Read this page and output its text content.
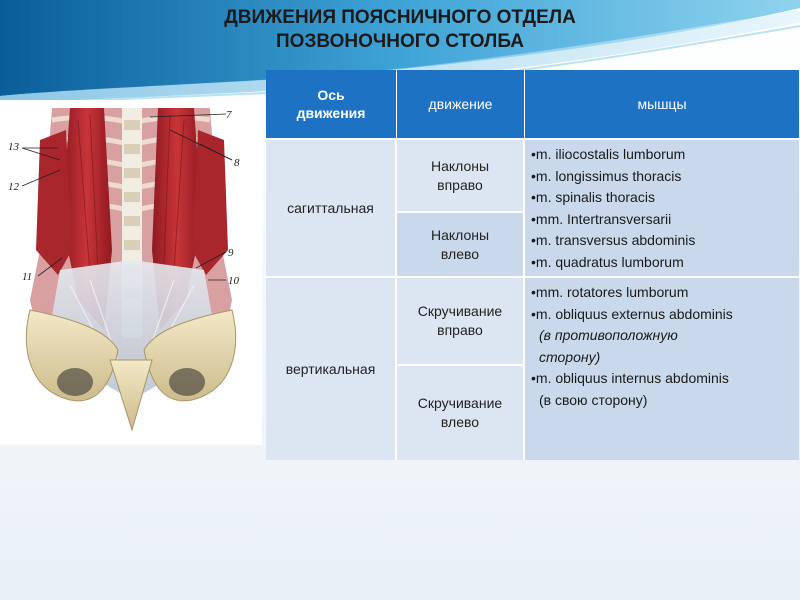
ДВИЖЕНИЯ ПОЯСНИЧНОГО ОТДЕЛА
ПОЗВОНОЧНОГО СТОЛБА
7
8
13
12
9
10
11
Ось
движения
движение	мышцы
сагиттальная
Наклоны
вправо
Наклоны
влево
•m. iliocostalis lumborum
•m. longissimus thoracis
•m. spinalis thoracis
•mm. Intertransversarii
•m. transversus abdominis
•m. quadratus lumborum
вертикальная
Скручивание
вправо
Скручивание
влево
•mm. rotatores lumborum
•m. obliquus externus abdominis
(в противоположную
сторону)
•m. obliquus internus abdominis
(в свою сторону)
